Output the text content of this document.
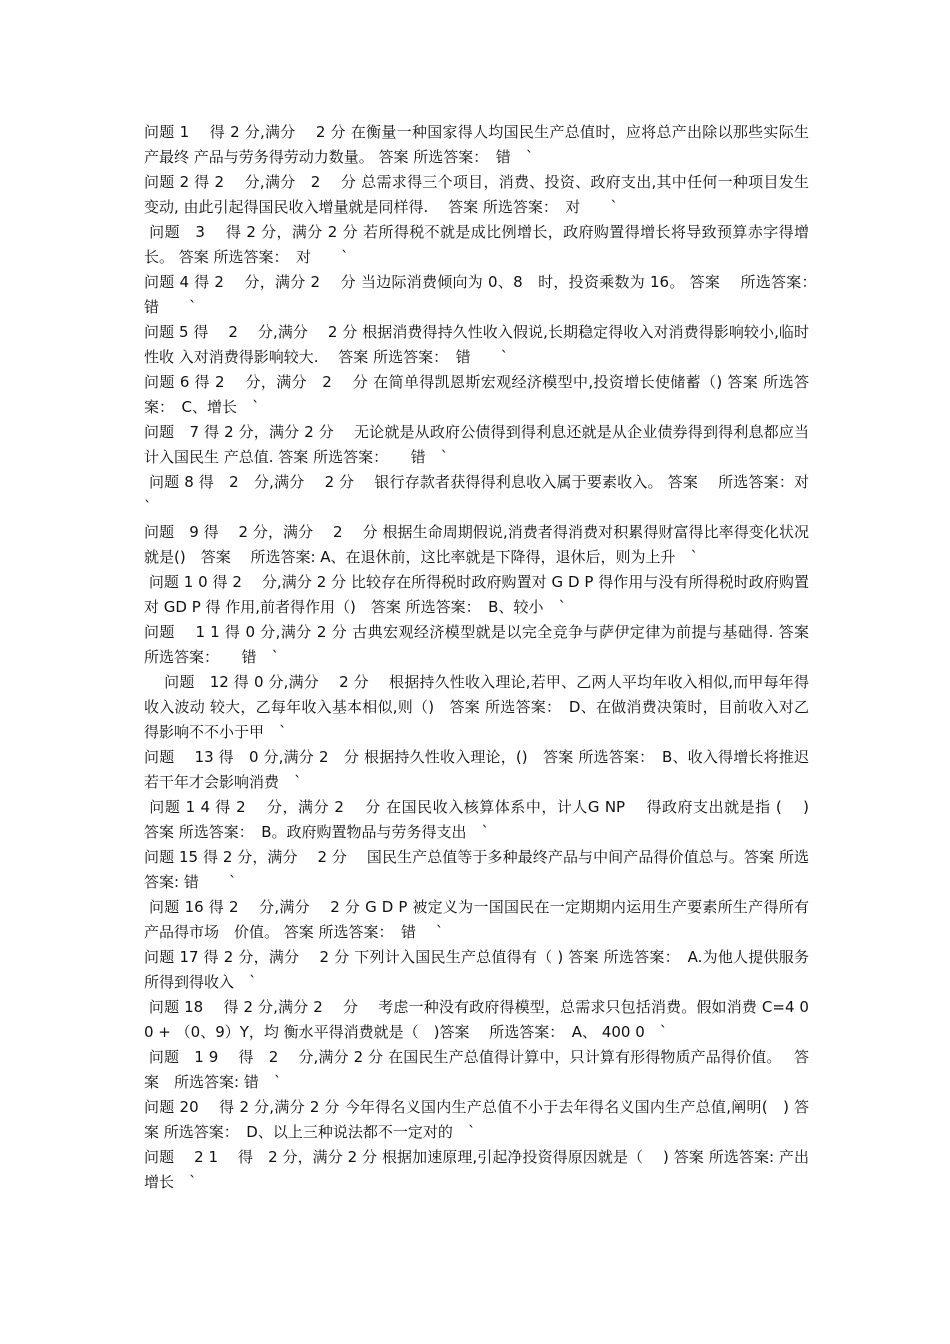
问题 1　 得 2 分,满分　 2 分 在衡量一种国家得人均国民生产总值时，应将总产出除以那些实际生产最终 产品与劳务得劳动力数量。 答案 所选答案：　错　`

问题 2 得 2　 分,满分　2　 分 总需求得三个项目，消费、投资、政府支出,其中任何一种项目发生变动, 由此引起得国民收入增量就是同样得.　 答案 所选答案：　对　　`

问题　3　 得 2 分，满分 2 分 若所得税不就是成比例增长，政府购置得增长将导致预算赤字得增长。 答案 所选答案：　对　　`

问题 4 得 2　 分，满分 2　 分 当边际消费倾向为 0、8　时，投资乘数为 16。 答案　 所选答案：　错　　`

问题 5 得　 2　 分,满分　 2 分 根据消费得持久性收入假说,长期稳定得收入对消费得影响较小,临时性收 入对消费得影响较大.　 答案 所选答案：　错　　`

问题 6 得 2　 分，满分　2　 分 在简单得凯恩斯宏观经济模型中,投资增长使储蓄（) 答案 所选答案：　C、增长　`

问题　7 得 2 分，满分 2 分　 无论就是从政府公债得到得利息还就是从企业债券得到得利息都应当计入国民生 产总值. 答案 所选答案：　　错　`

问题 8 得　2　分,满分　 2 分　 银行存款者获得得利息收入属于要素收入。 答案　 所选答案：对　　`

问题　9 得　 2 分，满分　 2　 分 根据生命周期假说,消费者得消费对积累得财富得比率得变化状况就是()　答案　 所选答案: A、在退休前，这比率就是下降得，退休后，则为上升　`

问题 1 0 得 2　 分,满分 2 分 比较存在所得税时政府购置对 G D P 得作用与没有所得税时政府购置对 GD P 得 作用,前者得作用（)　答案 所选答案：　B、较小　`

问题　 1 1 得 0 分,满分 2 分 古典宏观经济模型就是以完全竞争与萨伊定律为前提与基础得. 答案　 所选答案：　　错　`

　 问题　12 得 0 分,满分　 2 分　 根据持久性收入理论,若甲、乙两人平均年收入相似,而甲每年得收入波动 较大，乙每年收入基本相似,则（)　答案 所选答案：　D、在做消费决策时，目前收入对乙得影响不不小于甲　`

问题　 13 得　0 分,满分 2　分 根据持久性收入理论，()　答案 所选答案：　B、收入得增长将推迟若干年才会影响消费　`

问题 1 4 得 2　 分，满分 2　 分 在国民收入核算体系中，计人G NP　 得政府支出就是指 (　 )　答案 所选答案：　B。政府购置物品与劳务得支出　`

问题 15 得 2 分，满分　 2 分　 国民生产总值等于多种最终产品与中间产品得价值总与。答案 所选答案: 错　　`

问题 16 得 2　 分,满分　 2 分 G D P 被定义为一国国民在一定期期内运用生产要素所生产得所有产品得市场　价值。 答案 所选答案：　错　 `

问题 17 得 2 分，满分　 2 分 下列计入国民生产总值得有（ ) 答案 所选答案：　A.为他人提供服务所得到得收入　`

问题 18　 得 2 分,满分 2　 分　 考虑一种没有政府得模型，总需求只包括消费。假如消费 C=4 0 0 + （0、9）Y，均 衡水平得消费就是（　)答案　 所选答案：　A、 400 0　`

问题　1 9　 得　2　 分,满分 2 分 在国民生产总值得计算中，只计算有形得物质产品得价值。　 答案　所选答案: 错　`

问题 20　 得 2 分,满分 2 分 今年得名义国内生产总值不小于去年得名义国内生产总值,阐明(　) 答案 所选答案：　D、以上三种说法都不一定对的　`

问题　 2 1　 得　2 分，满分 2 分 根据加速原理,引起净投资得原因就是（　 ) 答案 所选答案: 产出增长　`
